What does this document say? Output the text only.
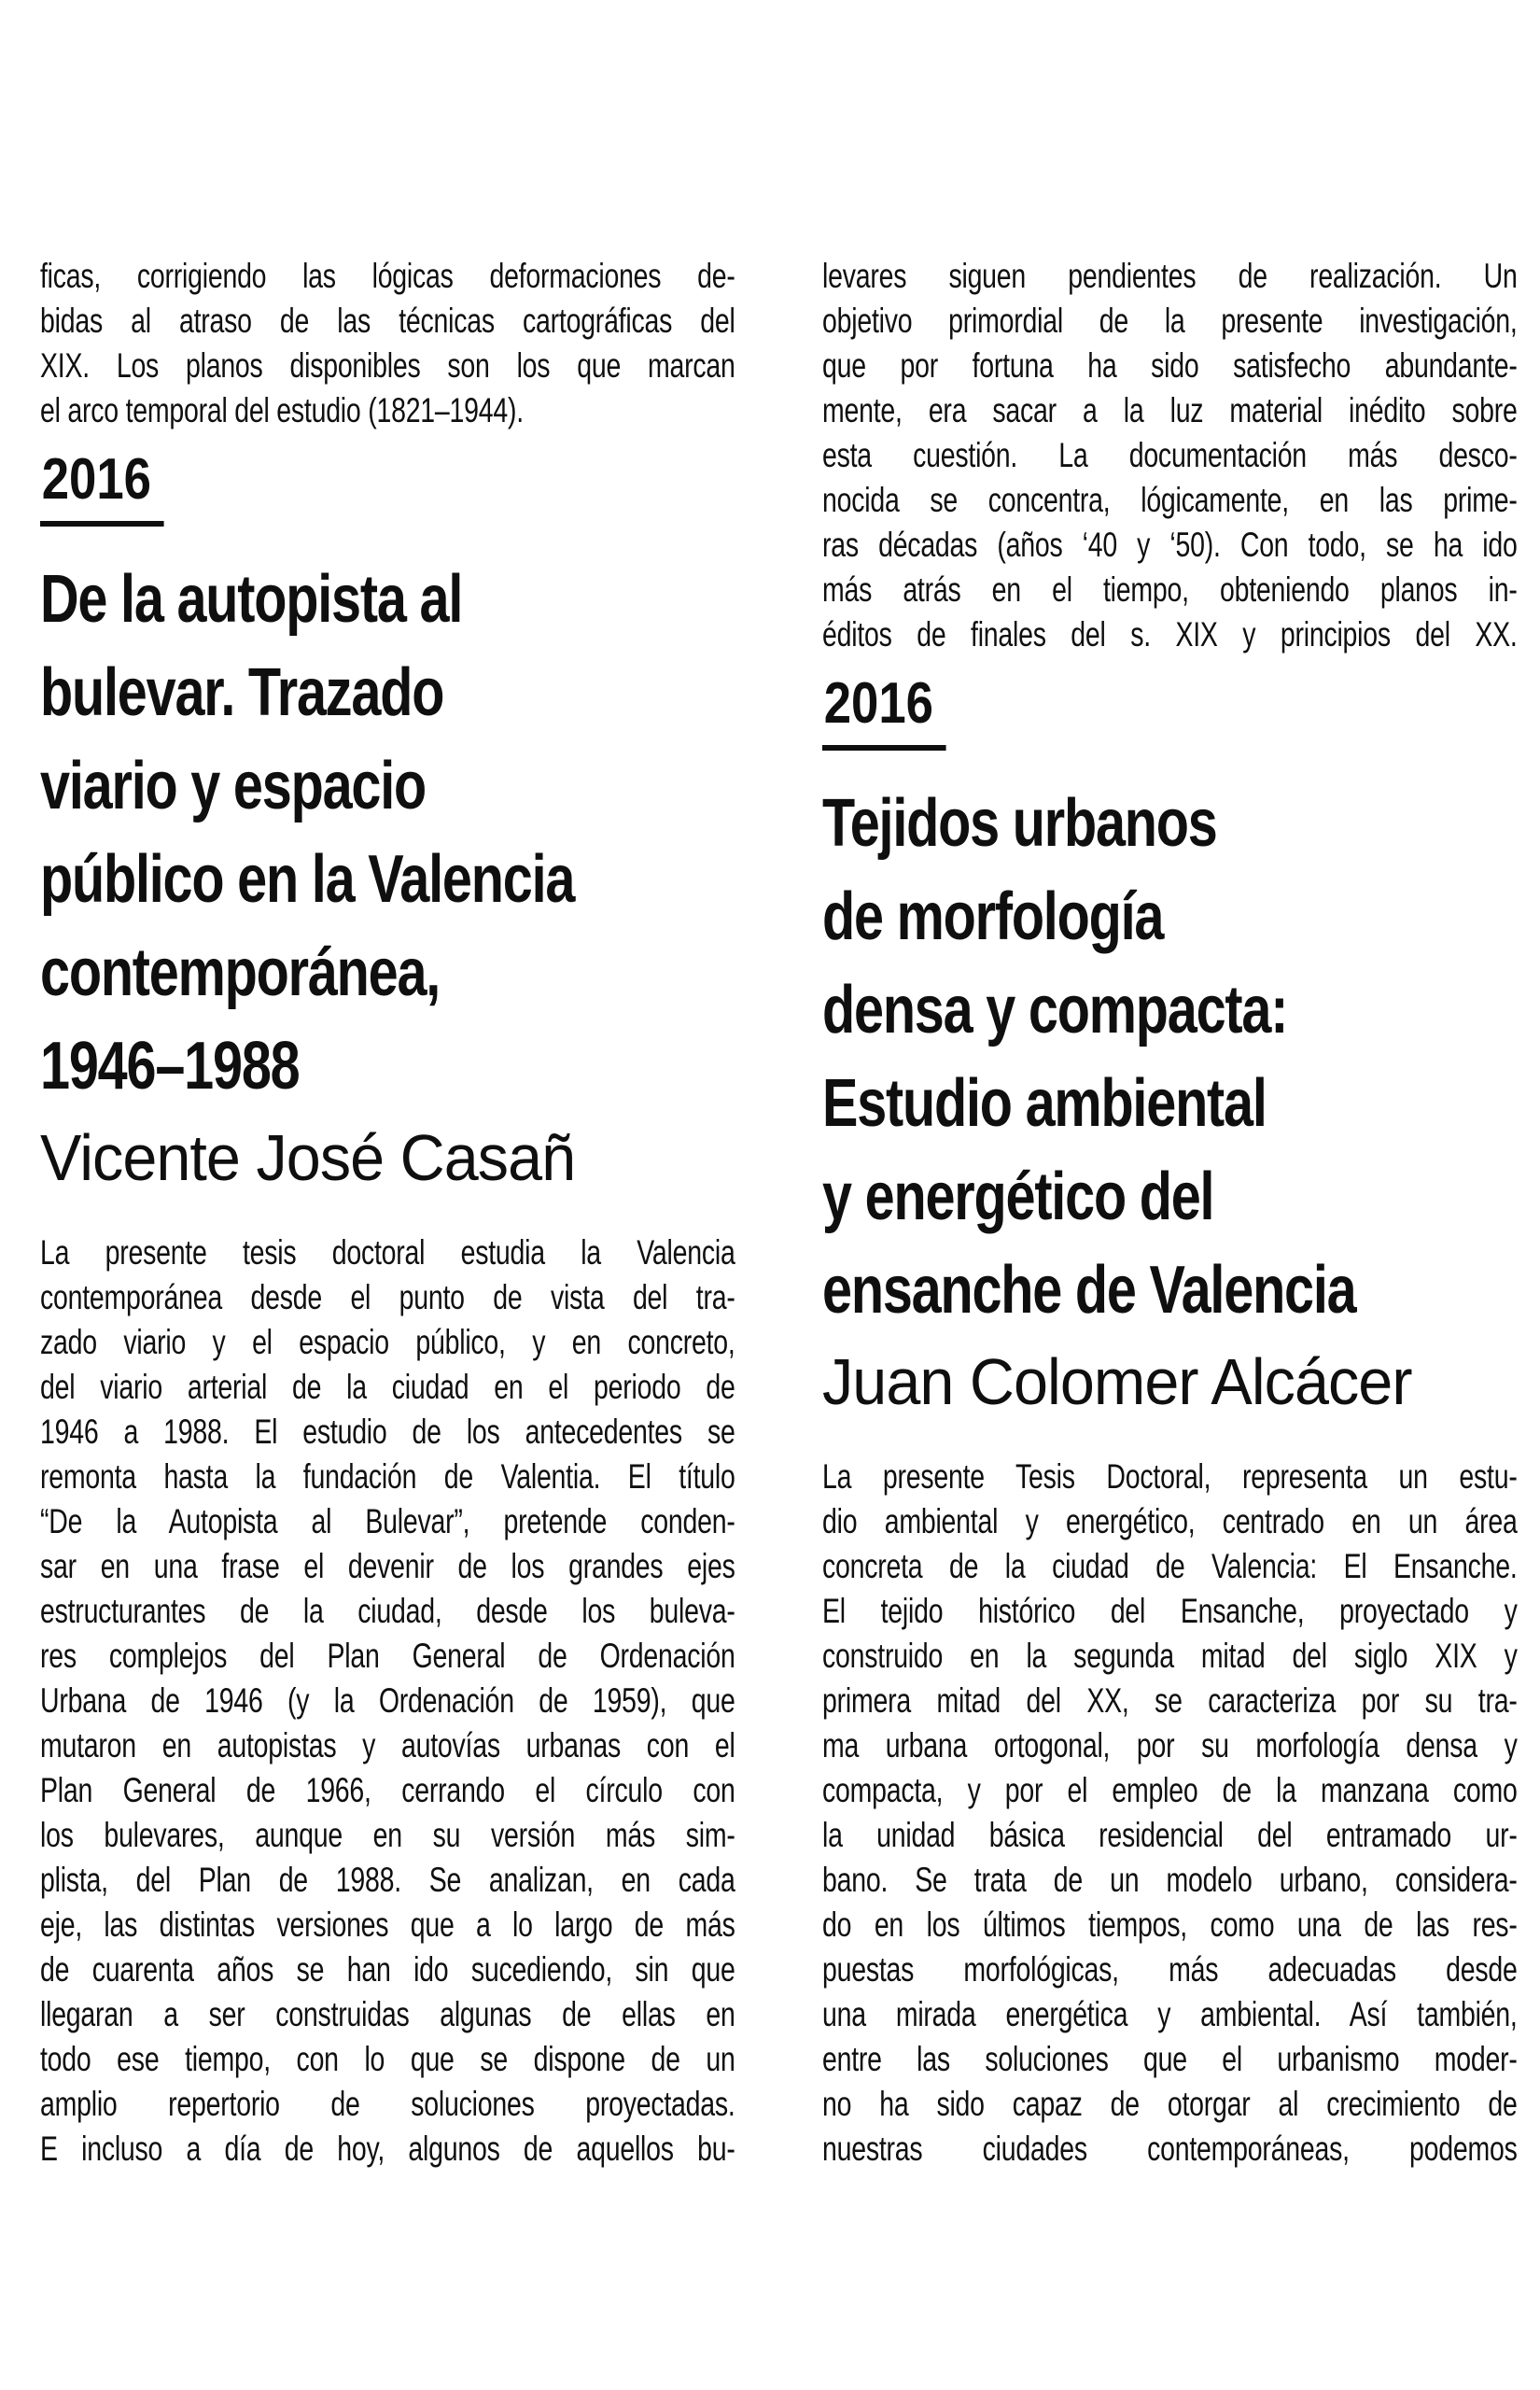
ficas, corrigiendo las lógicas deformaciones de-
bidas al atraso de las técnicas cartográficas del
XIX. Los planos disponibles son los que marcan
el arco temporal del estudio (1821–1944).
2016
De la autopista al
bulevar. Trazado
viario y espacio
público en la Valencia
contemporánea,
1946–1988
Vicente José Casañ
La presente tesis doctoral estudia la Valencia
contemporánea desde el punto de vista del tra-
zado viario y el espacio público, y en concreto,
del viario arterial de la ciudad en el periodo de
1946 a 1988. El estudio de los antecedentes se
remonta hasta la fundación de Valentia. El título
“De la Autopista al Bulevar”, pretende conden-
sar en una frase el devenir de los grandes ejes
estructurantes de la ciudad, desde los buleva-
res complejos del Plan General de Ordenación
Urbana de 1946 (y la Ordenación de 1959), que
mutaron en autopistas y autovías urbanas con el
Plan General de 1966, cerrando el círculo con
los bulevares, aunque en su versión más sim-
plista, del Plan de 1988. Se analizan, en cada
eje, las distintas versiones que a lo largo de más
de cuarenta años se han ido sucediendo, sin que
llegaran a ser construidas algunas de ellas en
todo ese tiempo, con lo que se dispone de un
amplio repertorio de soluciones proyectadas.
E incluso a día de hoy, algunos de aquellos bu-
levares siguen pendientes de realización. Un
objetivo primordial de la presente investigación,
que por fortuna ha sido satisfecho abundante-
mente, era sacar a la luz material inédito sobre
esta cuestión. La documentación más desco-
nocida se concentra, lógicamente, en las prime-
ras décadas (años ‘40 y ‘50). Con todo, se ha ido
más atrás en el tiempo, obteniendo planos in-
éditos de finales del s. XIX y principios del XX.
2016
Tejidos urbanos
de morfología
densa y compacta:
Estudio ambiental
y energético del
ensanche de Valencia
Juan Colomer Alcácer
La presente Tesis Doctoral, representa un estu-
dio ambiental y energético, centrado en un área
concreta de la ciudad de Valencia: El Ensanche.
El tejido histórico del Ensanche, proyectado y
construido en la segunda mitad del siglo XIX y
primera mitad del XX, se caracteriza por su tra-
ma urbana ortogonal, por su morfología densa y
compacta, y por el empleo de la manzana como
la unidad básica residencial del entramado ur-
bano. Se trata de un modelo urbano, considera-
do en los últimos tiempos, como una de las res-
puestas morfológicas, más adecuadas desde
una mirada energética y ambiental. Así también,
entre las soluciones que el urbanismo moder-
no ha sido capaz de otorgar al crecimiento de
nuestras ciudades contemporáneas, podemos
